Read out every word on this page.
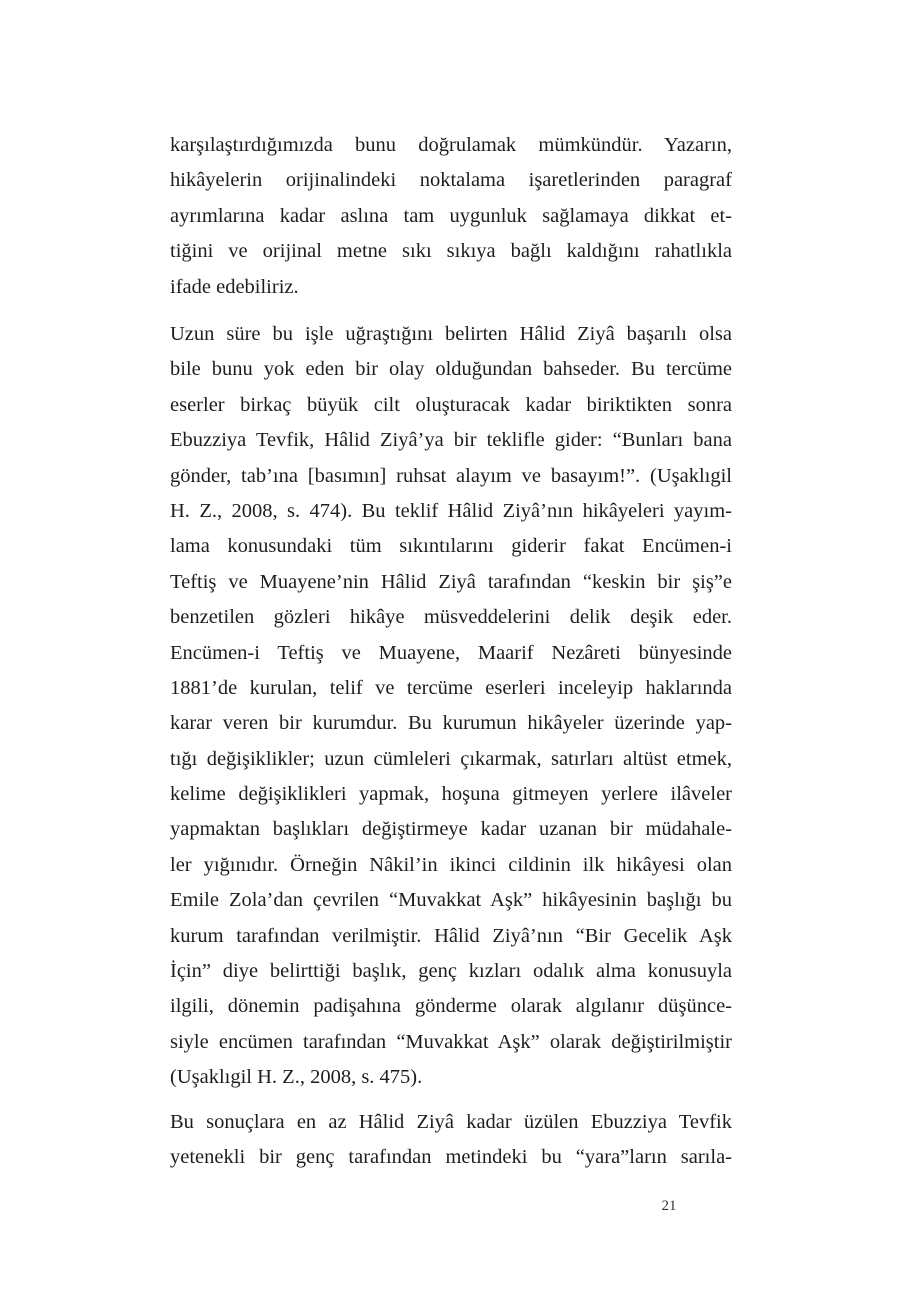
karşılaştırdığımızda bunu doğrulamak mümkündür. Yazarın,
hikâyelerin orijinalindeki noktalama işaretlerinden paragraf
ayrımlarına kadar aslına tam uygunluk sağlamaya dikkat et-
tiğini ve orijinal metne sıkı sıkıya bağlı kaldığını rahatlıkla
ifade edebiliriz.
Uzun süre bu işle uğraştığını belirten Hâlid Ziyâ başarılı olsa
bile bunu yok eden bir olay olduğundan bahseder. Bu tercüme
eserler birkaç büyük cilt oluşturacak kadar biriktikten sonra
Ebuzziya Tevfik, Hâlid Ziyâ’ya bir teklifle gider: “Bunları bana
gönder, tab’ına [basımın] ruhsat alayım ve basayım!”. (Uşaklıgil
H. Z., 2008, s. 474). Bu teklif Hâlid Ziyâ’nın hikâyeleri yayım-
lama konusundaki tüm sıkıntılarını giderir fakat Encümen-i
Teftiş ve Muayene’nin Hâlid Ziyâ tarafından “keskin bir şiş”e
benzetilen gözleri hikâye müsveddelerini delik deşik eder.
Encümen-i Teftiş ve Muayene, Maarif Nezâreti bünyesinde
1881’de kurulan, telif ve tercüme eserleri inceleyip haklarında
karar veren bir kurumdur. Bu kurumun hikâyeler üzerinde yap-
tığı değişiklikler; uzun cümleleri çıkarmak, satırları altüst etmek,
kelime değişiklikleri yapmak, hoşuna gitmeyen yerlere ilâveler
yapmaktan başlıkları değiştirmeye kadar uzanan bir müdahale-
ler yığınıdır. Örneğin Nâkil’in ikinci cildinin ilk hikâyesi olan
Emile Zola’dan çevrilen “Muvakkat Aşk” hikâyesinin başlığı bu
kurum tarafından verilmiştir. Hâlid Ziyâ’nın “Bir Gecelik Aşk
İçin” diye belirttiği başlık, genç kızları odalık alma konusuyla
ilgili, dönemin padişahına gönderme olarak algılanır düşünce-
siyle encümen tarafından “Muvakkat Aşk” olarak değiştirilmiştir
(Uşaklıgil H. Z., 2008, s. 475).
Bu sonuçlara en az Hâlid Ziyâ kadar üzülen Ebuzziya Tevfik
yetenekli bir genç tarafından metindeki bu “yara”ların sarıla-
21
